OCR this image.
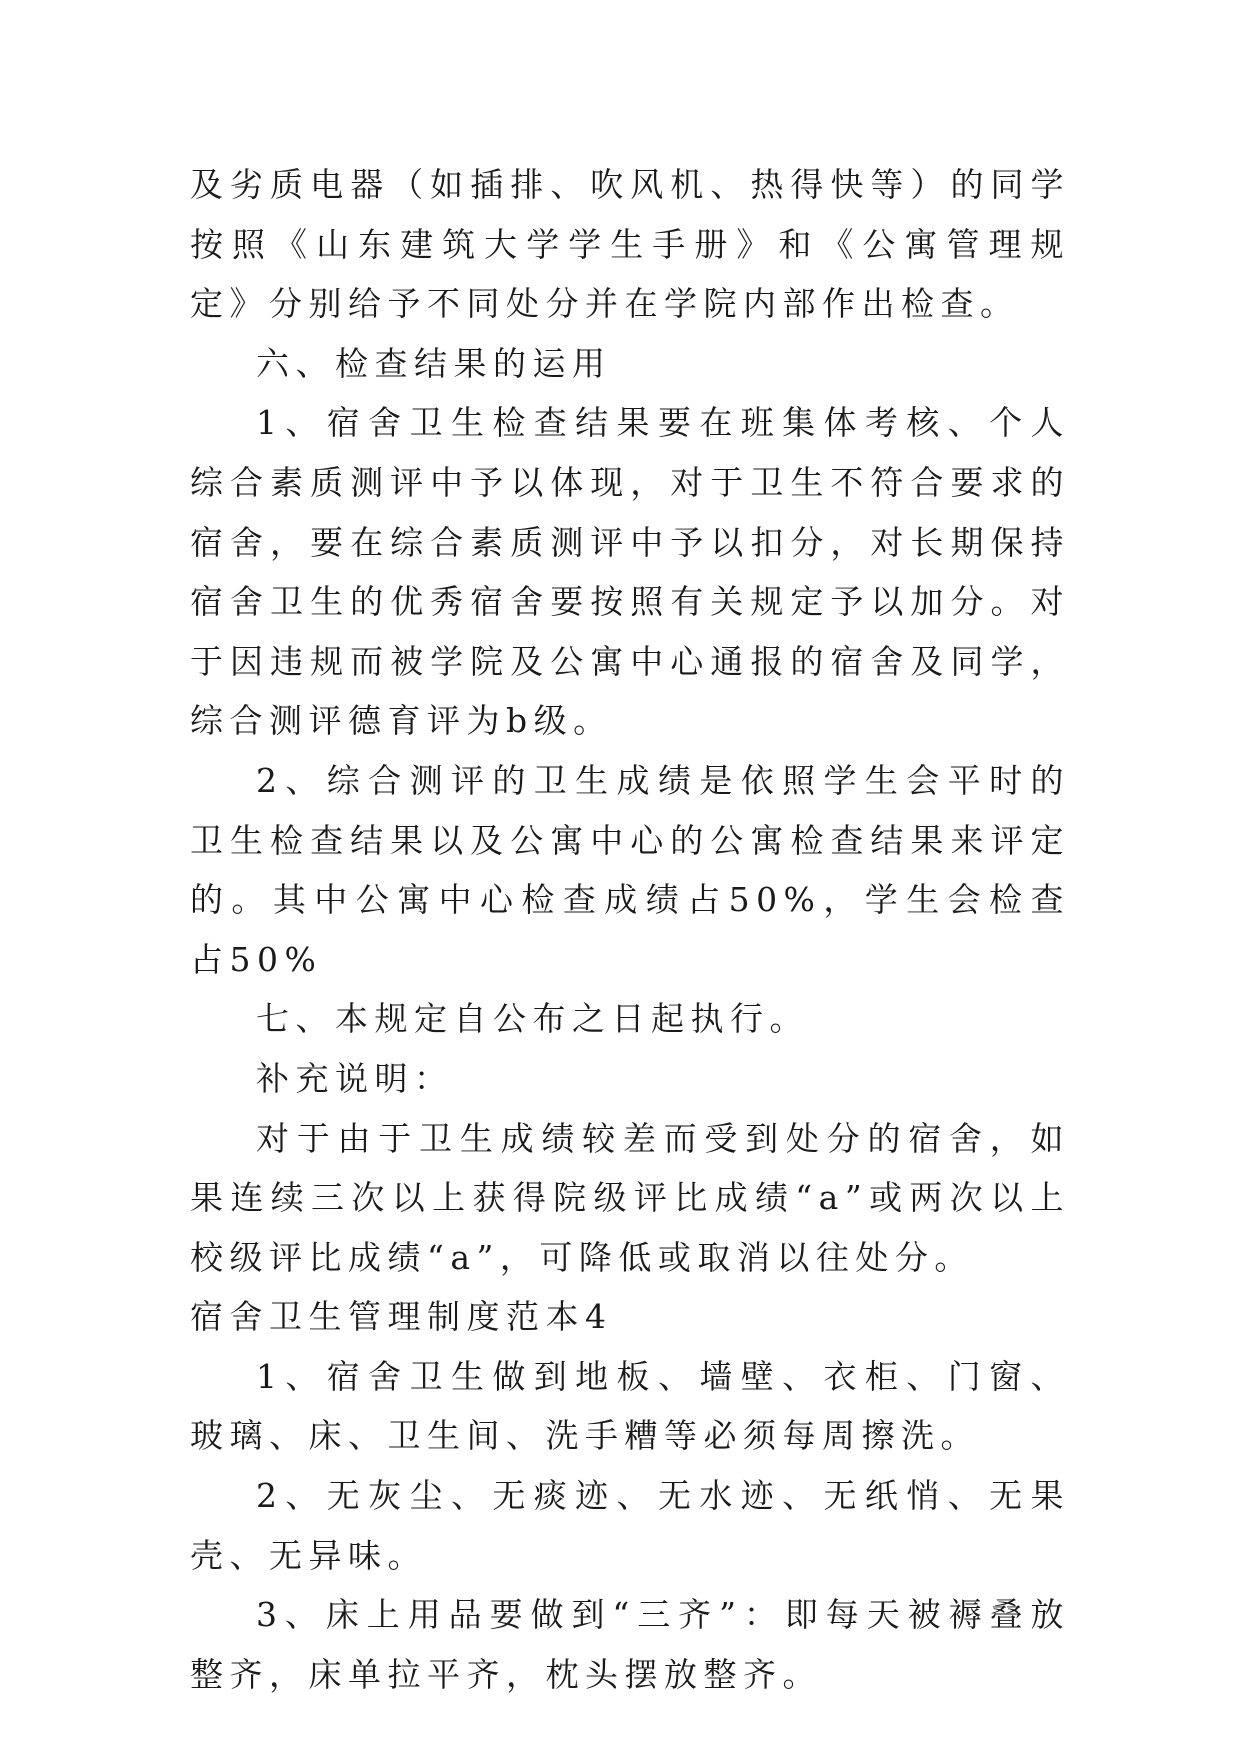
及劣质电器（如插排、吹风机、热得快等）的同学按照《山东建筑大学学生手册》和《公寓管理规定》分别给予不同处分并在学院内部作出检查。

六、检查结果的运用

1、宿舍卫生检查结果要在班集体考核、个人综合素质测评中予以体现，对于卫生不符合要求的宿舍，要在综合素质测评中予以扣分，对长期保持宿舍卫生的优秀宿舍要按照有关规定予以加分。对于因违规而被学院及公寓中心通报的宿舍及同学，综合测评德育评为b级。

2、综合测评的卫生成绩是依照学生会平时的卫生检查结果以及公寓中心的公寓检查结果来评定的。其中公寓中心检查成绩占50%，学生会检查占50%

七、本规定自公布之日起执行。

补充说明：

对于由于卫生成绩较差而受到处分的宿舍，如果连续三次以上获得院级评比成绩“a”或两次以上校级评比成绩“a”，可降低或取消以往处分。

宿舍卫生管理制度范本4

1、宿舍卫生做到地板、墙壁、衣柜、门窗、玻璃、床、卫生间、洗手糟等必须每周擦洗。

2、无灰尘、无痰迹、无水迹、无纸悄、无果壳、无异味。

3、床上用品要做到“三齐”：即每天被褥叠放整齐，床单拉平齐，枕头摆放整齐。
